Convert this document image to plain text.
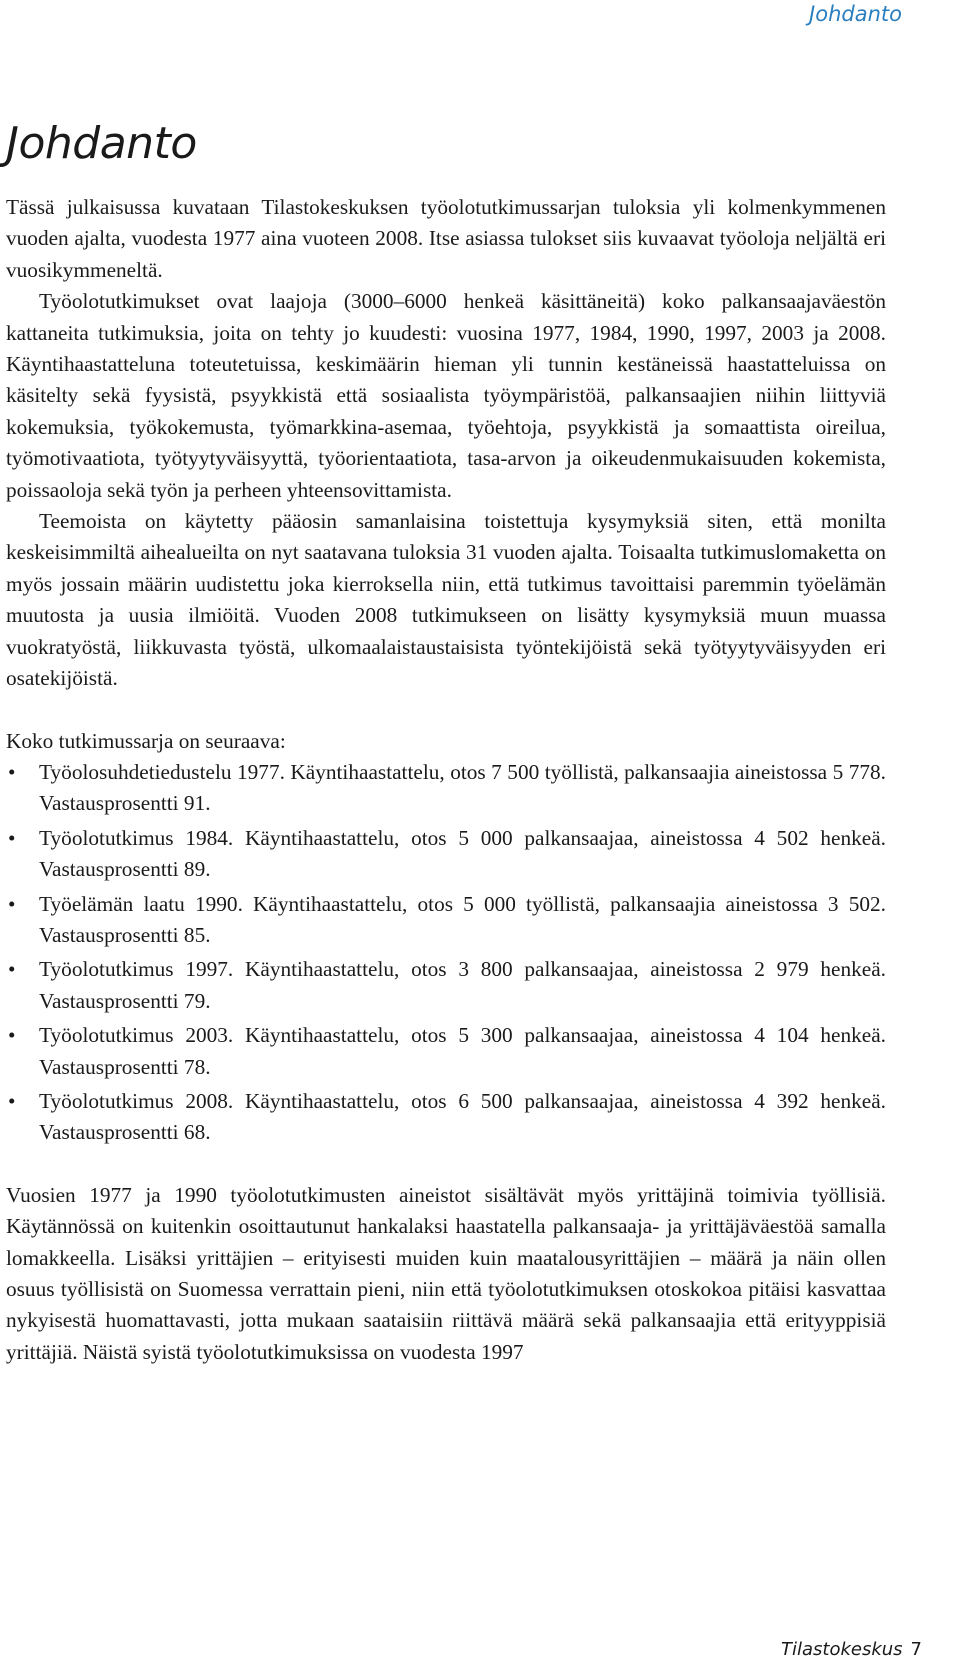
Johdanto
Johdanto

Tässä julkaisussa kuvataan Tilastokeskuksen työolotutkimussarjan tuloksia yli kolmenkymmenen vuoden ajalta, vuodesta 1977 aina vuoteen 2008. Itse asiassa tulokset siis kuvaavat työoloja neljältä eri vuosikymmeneltä.

Työolotutkimukset ovat laajoja (3000–6000 henkeä käsittäneitä) koko palkansaajaväestön kattaneita tutkimuksia, joita on tehty jo kuudesti: vuosina 1977, 1984, 1990, 1997, 2003 ja 2008. Käyntihaastatteluna toteutetuissa, keskimäärin hieman yli tunnin kestäneissä haastatteluissa on käsitelty sekä fyysistä, psyykkistä että sosiaalista työympäristöä, palkansaajien niihin liittyviä kokemuksia, työkokemusta, työmarkkina-asemaa, työehtoja, psyykkistä ja somaattista oireilua, työmotivaatiota, työtyytyväisyyttä, työorientaatiota, tasa-arvon ja oikeudenmukaisuuden kokemista, poissaoloja sekä työn ja perheen yhteensovittamista.

Teemoista on käytetty pääosin samanlaisina toistettuja kysymyksiä siten, että monilta keskeisimmiltä aihealueilta on nyt saatavana tuloksia 31 vuoden ajalta. Toisaalta tutkimuslomaketta on myös jossain määrin uudistettu joka kierroksella niin, että tutkimus tavoittaisi paremmin työelämän muutosta ja uusia ilmiöitä. Vuoden 2008 tutkimukseen on lisätty kysymyksiä muun muassa vuokratyöstä, liikkuvasta työstä, ulkomaalaistaustaisista työntekijöistä sekä työtyytyväisyyden eri osatekijöistä.

Koko tutkimussarja on seuraava:

• Työolosuhdetiedustelu 1977. Käyntihaastattelu, otos 7 500 työllistä, palkansaajia aineistossa 5 778. Vastausprosentti 91.
• Työolotutkimus 1984. Käyntihaastattelu, otos 5 000 palkansaajaa, aineistossa 4 502 henkeä. Vastausprosentti 89.
• Työelämän laatu 1990. Käyntihaastattelu, otos 5 000 työllistä, palkansaajia aineistossa 3 502. Vastausprosentti 85.
• Työolotutkimus 1997. Käyntihaastattelu, otos 3 800 palkansaajaa, aineistossa 2 979 henkeä. Vastausprosentti 79.
• Työolotutkimus 2003. Käyntihaastattelu, otos 5 300 palkansaajaa, aineistossa 4 104 henkeä. Vastausprosentti 78.
• Työolotutkimus 2008. Käyntihaastattelu, otos 6 500 palkansaajaa, aineistossa 4 392 henkeä. Vastausprosentti 68.

Vuosien 1977 ja 1990 työolotutkimusten aineistot sisältävät myös yrittäjinä toimivia työllisiä. Käytännössä on kuitenkin osoittautunut hankalaksi haastatella palkansaaja- ja yrittäjäväestöä samalla lomakkeella. Lisäksi yrittäjien – erityisesti muiden kuin maatalousyrittäjien – määrä ja näin ollen osuus työllisistä on Suomessa verrattain pieni, niin että työolotutkimuksen otoskokoa pitäisi kasvattaa nykyisestä huomattavasti, jotta mukaan saataisiin riittävä määrä sekä palkansaajia että erityyppisiä yrittäjiä. Näistä syistä työolotutkimuksissa on vuodesta 1997

Tilastokeskus 7
